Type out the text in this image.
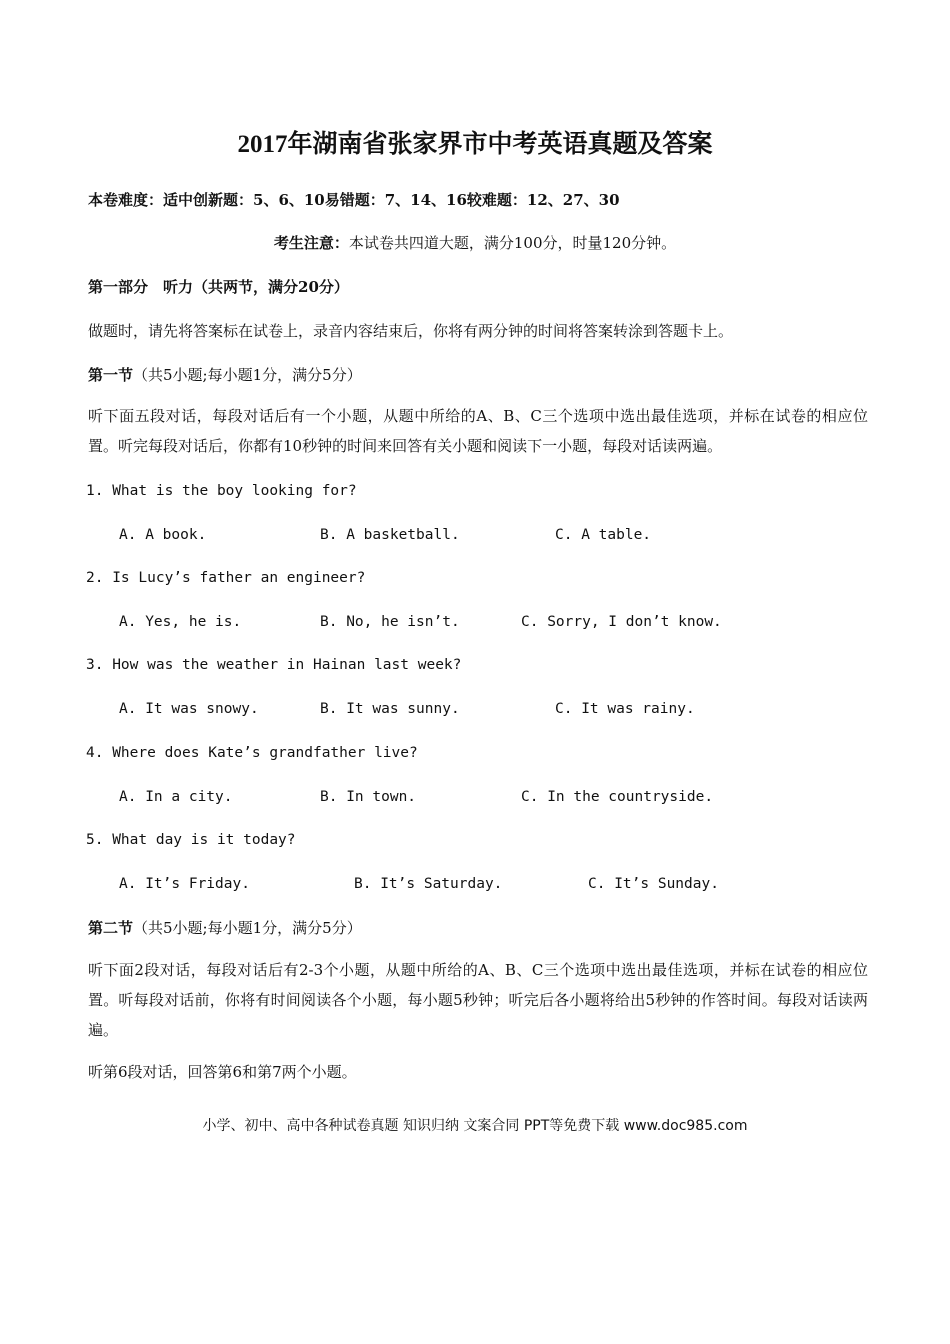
2017年湖南省张家界市中考英语真题及答案
本卷难度：适中创新题：5、6、10易错题：7、14、16较难题：12、27、30
考生注意：本试卷共四道大题，满分100分，时量120分钟。
第一部分　听力（共两节，满分20分）
做题时，请先将答案标在试卷上，录音内容结束后，你将有两分钟的时间将答案转涂到答题卡上。
第一节（共5小题;每小题1分，满分5分）
听下面五段对话，每段对话后有一个小题，从题中所给的A、B、C三个选项中选出最佳选项，并标在试卷的相应位置。听完每段对话后，你都有10秒钟的时间来回答有关小题和阅读下一小题，每段对话读两遍。
1. What is the boy looking for?
A. A book.	B. A basketball.	C. A table.
2. Is Lucy’s father an engineer?
A. Yes, he is.	B. No, he isn’t.	C. Sorry, I don’t know.
3. How was the weather in Hainan last week?
A. It was snowy.	B. It was sunny.	C. It was rainy.
4. Where does Kate’s grandfather live?
A. In a city.	B. In town.	C. In the countryside.
5. What day is it today?
A. It’s Friday.	B. It’s Saturday.	C. It’s Sunday.
第二节（共5小题;每小题1分，满分5分）
听下面2段对话，每段对话后有2-3个小题，从题中所给的A、B、C三个选项中选出最佳选项，并标在试卷的相应位置。听每段对话前，你将有时间阅读各个小题，每小题5秒钟；听完后各小题将给出5秒钟的作答时间。每段对话读两遍。
听第6段对话，回答第6和第7两个小题。
小学、初中、高中各种试卷真题 知识归纳 文案合同 PPT等免费下载 www.doc985.com
